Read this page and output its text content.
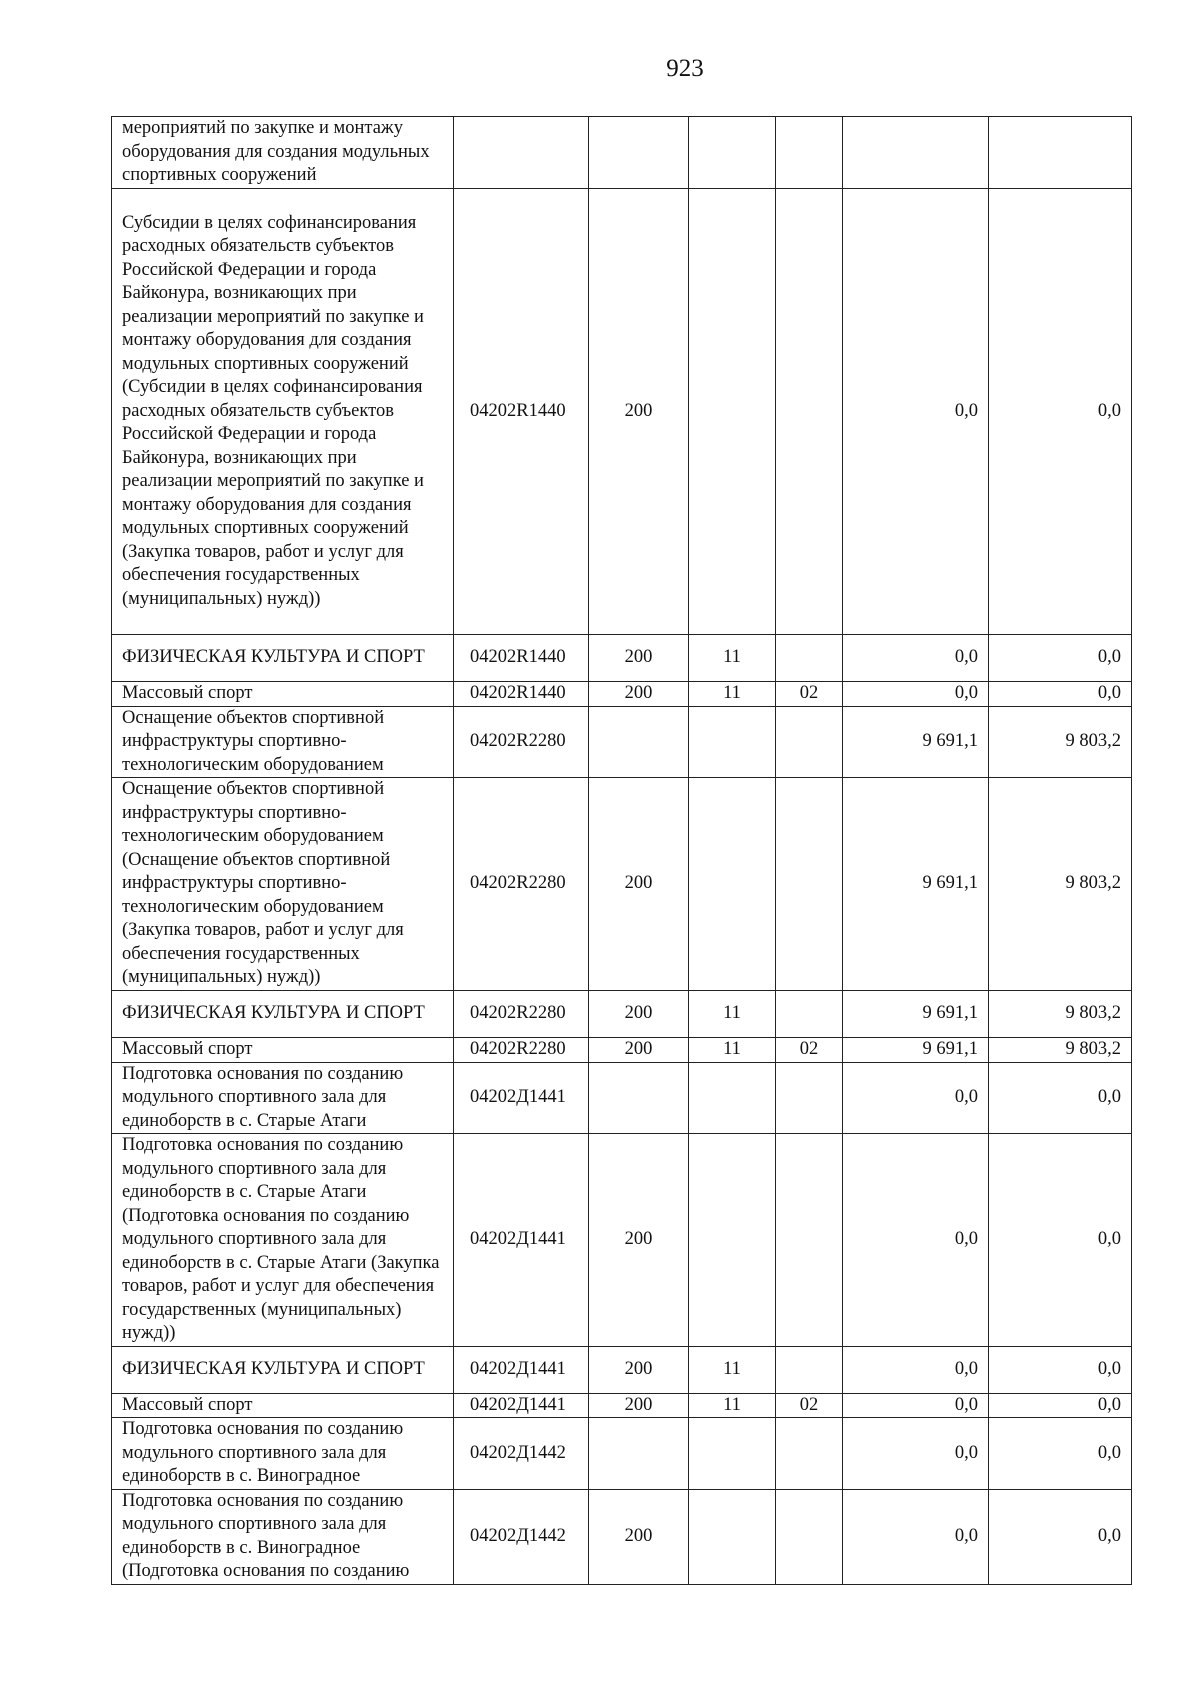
923
мероприятий по закупке и монтажу оборудования для создания модульных спортивных сооружений						
Субсидии в целях софинансирования расходных обязательств субъектов Российской Федерации и города Байконура, возникающих при реализации мероприятий по закупке и монтажу оборудования для создания модульных спортивных сооружений (Субсидии в целях софинансирования расходных обязательств субъектов Российской Федерации и города Байконура, возникающих при реализации мероприятий по закупке и монтажу оборудования для создания модульных спортивных сооружений (Закупка товаров, работ и услуг для обеспечения государственных (муниципальных) нужд))	04202R1440	200			0,0	0,0
ФИЗИЧЕСКАЯ КУЛЬТУРА И СПОРТ	04202R1440	200	11		0,0	0,0
Массовый спорт	04202R1440	200	11	02	0,0	0,0
Оснащение объектов спортивной инфраструктуры спортивно-технологическим оборудованием	04202R2280				9 691,1	9 803,2
Оснащение объектов спортивной инфраструктуры спортивно-технологическим оборудованием (Оснащение объектов спортивной инфраструктуры спортивно-технологическим оборудованием (Закупка товаров, работ и услуг для обеспечения государственных (муниципальных) нужд))	04202R2280	200			9 691,1	9 803,2
ФИЗИЧЕСКАЯ КУЛЬТУРА И СПОРТ	04202R2280	200	11		9 691,1	9 803,2
Массовый спорт	04202R2280	200	11	02	9 691,1	9 803,2
Подготовка основания по созданию модульного спортивного зала для единоборств в с. Старые Атаги	04202Д1441				0,0	0,0
Подготовка основания по созданию модульного спортивного зала для единоборств в с. Старые Атаги (Подготовка основания по созданию модульного спортивного зала для единоборств в с. Старые Атаги (Закупка товаров, работ и услуг для обеспечения государственных (муниципальных) нужд))	04202Д1441	200			0,0	0,0
ФИЗИЧЕСКАЯ КУЛЬТУРА И СПОРТ	04202Д1441	200	11		0,0	0,0
Массовый спорт	04202Д1441	200	11	02	0,0	0,0
Подготовка основания по созданию модульного спортивного зала для единоборств в с. Виноградное	04202Д1442				0,0	0,0
Подготовка основания по созданию модульного спортивного зала для единоборств в с. Виноградное (Подготовка основания по созданию	04202Д1442	200			0,0	0,0
